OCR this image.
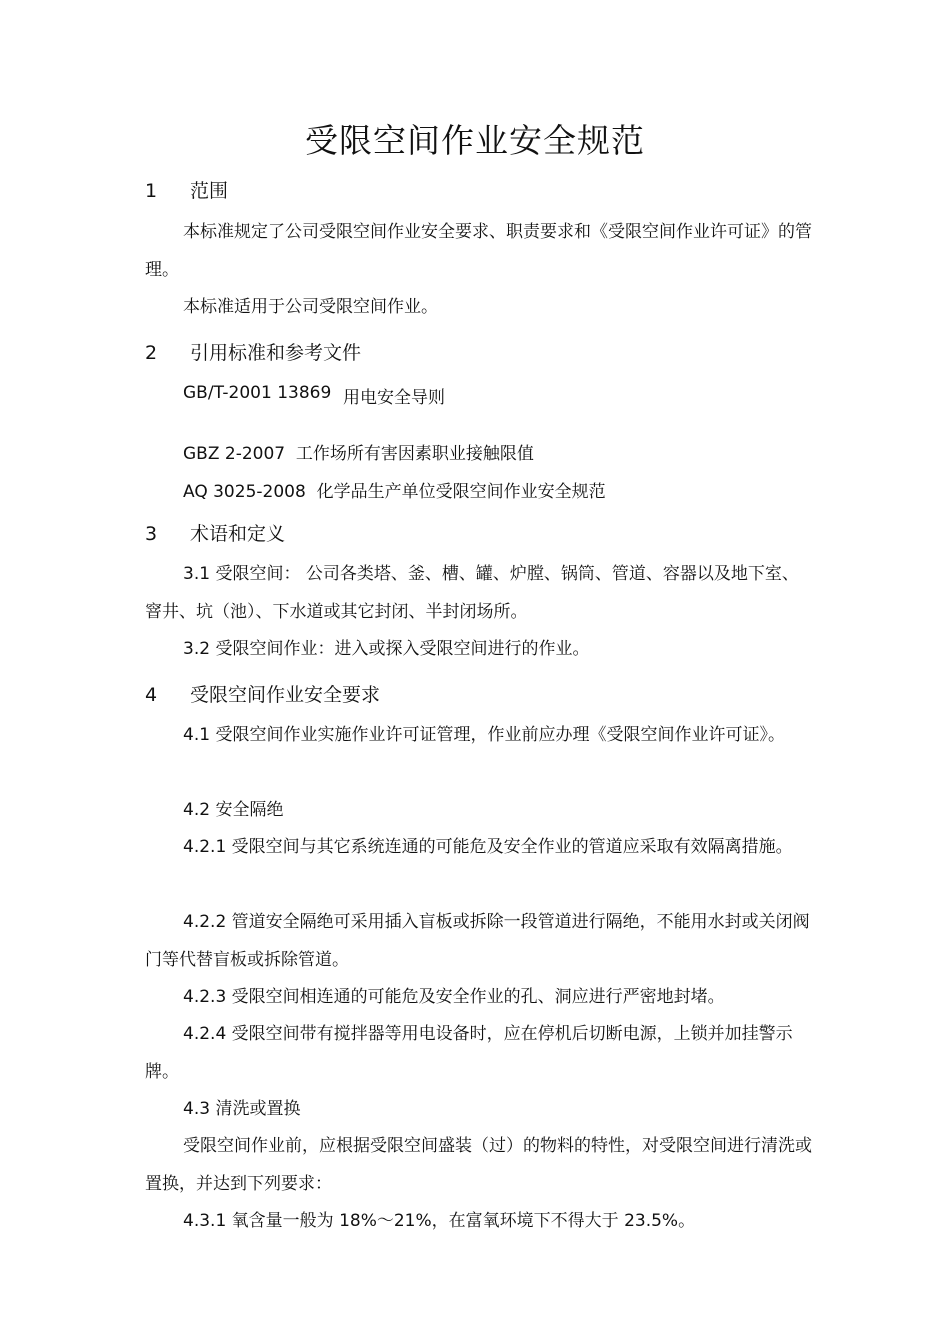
受限空间作业安全规范
1 范围
本标准规定了公司受限空间作业安全要求、职责要求和《受限空间作业许可证》的管理。
本标准适用于公司受限空间作业。
2 引用标准和参考文件
GB/T-2001 13869 用电安全导则
GBZ 2-2007 工作场所有害因素职业接触限值
AQ 3025-2008 化学品生产单位受限空间作业安全规范
3 术语和定义
3.1 受限空间： 公司各类塔、釜、槽、罐、炉膛、锅筒、管道、容器以及地下室、窨井、坑（池）、下水道或其它封闭、半封闭场所。
3.2 受限空间作业：进入或探入受限空间进行的作业。
4 受限空间作业安全要求
4.1 受限空间作业实施作业许可证管理，作业前应办理《受限空间作业许可证》。
4.2 安全隔绝
4.2.1 受限空间与其它系统连通的可能危及安全作业的管道应采取有效隔离措施。
4.2.2 管道安全隔绝可采用插入盲板或拆除一段管道进行隔绝，不能用水封或关闭阀门等代替盲板或拆除管道。
4.2.3 受限空间相连通的可能危及安全作业的孔、洞应进行严密地封堵。
4.2.4 受限空间带有搅拌器等用电设备时，应在停机后切断电源，上锁并加挂警示牌。
4.3 清洗或置换
受限空间作业前，应根据受限空间盛装（过）的物料的特性，对受限空间进行清洗或置换，并达到下列要求：
4.3.1 氧含量一般为 18%～21%，在富氧环境下不得大于 23.5%。
